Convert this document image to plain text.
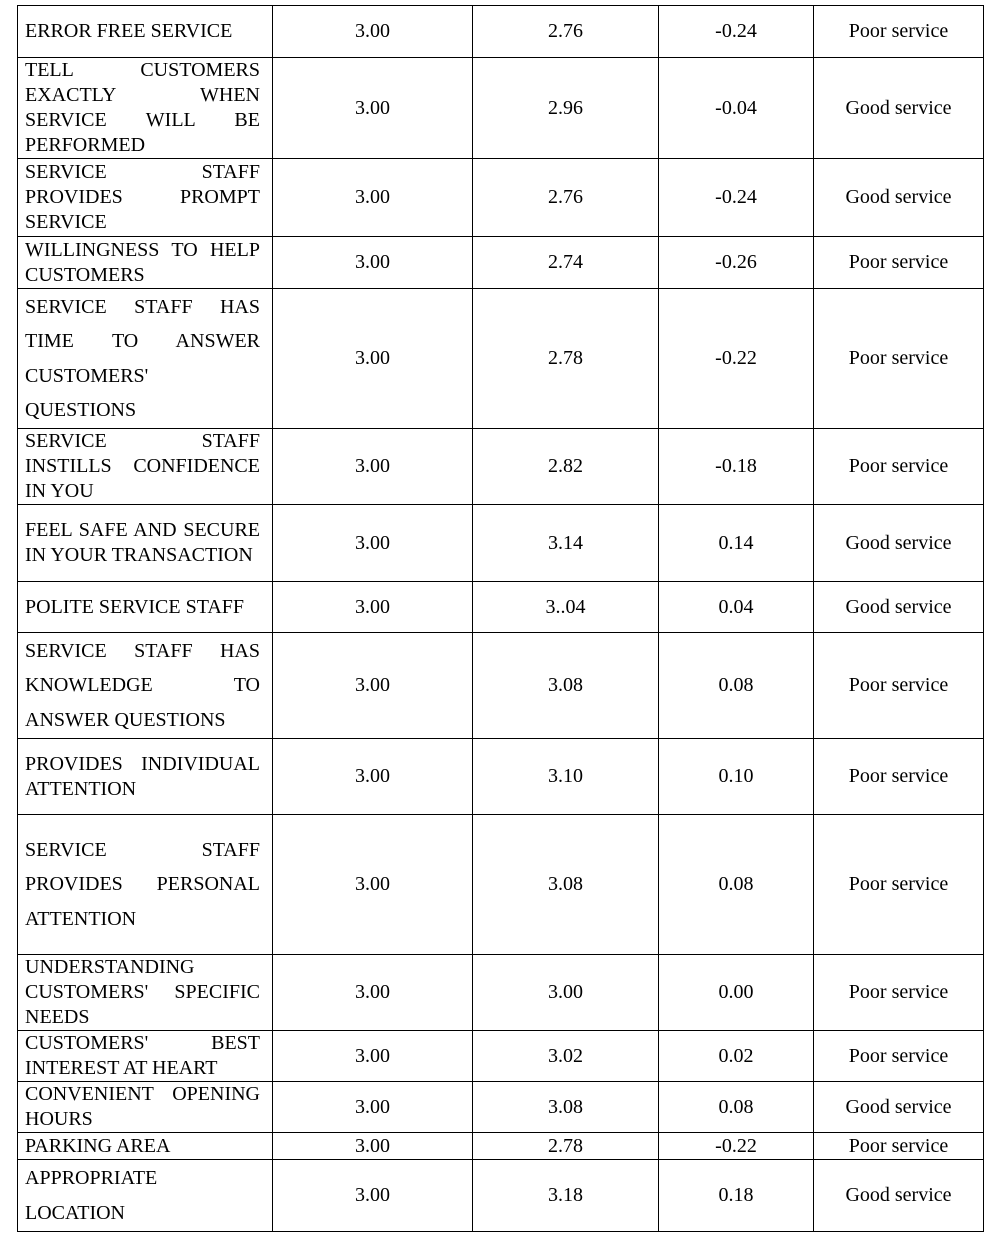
ERROR FREE SERVICE	3.00	2.76	-0.24	Poor service
TELL CUSTOMERS EXACTLY WHEN SERVICE WILL BE PERFORMED	3.00	2.96	-0.04	Good service
SERVICE STAFF PROVIDES PROMPT SERVICE	3.00	2.76	-0.24	Good service
WILLINGNESS TO HELP CUSTOMERS	3.00	2.74	-0.26	Poor service
SERVICE STAFF HAS TIME TO ANSWER CUSTOMERS' QUESTIONS	3.00	2.78	-0.22	Poor service
SERVICE STAFF INSTILLS CONFIDENCE IN YOU	3.00	2.82	-0.18	Poor service
FEEL SAFE AND SECURE IN YOUR TRANSACTION	3.00	3.14	0.14	Good service
POLITE SERVICE STAFF	3.00	3..04	0.04	Good service
SERVICE STAFF HAS KNOWLEDGE TO ANSWER QUESTIONS	3.00	3.08	0.08	Poor service
PROVIDES INDIVIDUAL ATTENTION	3.00	3.10	0.10	Poor service
SERVICE STAFF PROVIDES PERSONAL ATTENTION	3.00	3.08	0.08	Poor service
UNDERSTANDING CUSTOMERS' SPECIFIC NEEDS	3.00	3.00	0.00	Poor service
CUSTOMERS' BEST INTEREST AT HEART	3.00	3.02	0.02	Poor service
CONVENIENT OPENING HOURS	3.00	3.08	0.08	Good service
PARKING AREA	3.00	2.78	-0.22	Poor service
APPROPRIATE LOCATION	3.00	3.18	0.18	Good service
